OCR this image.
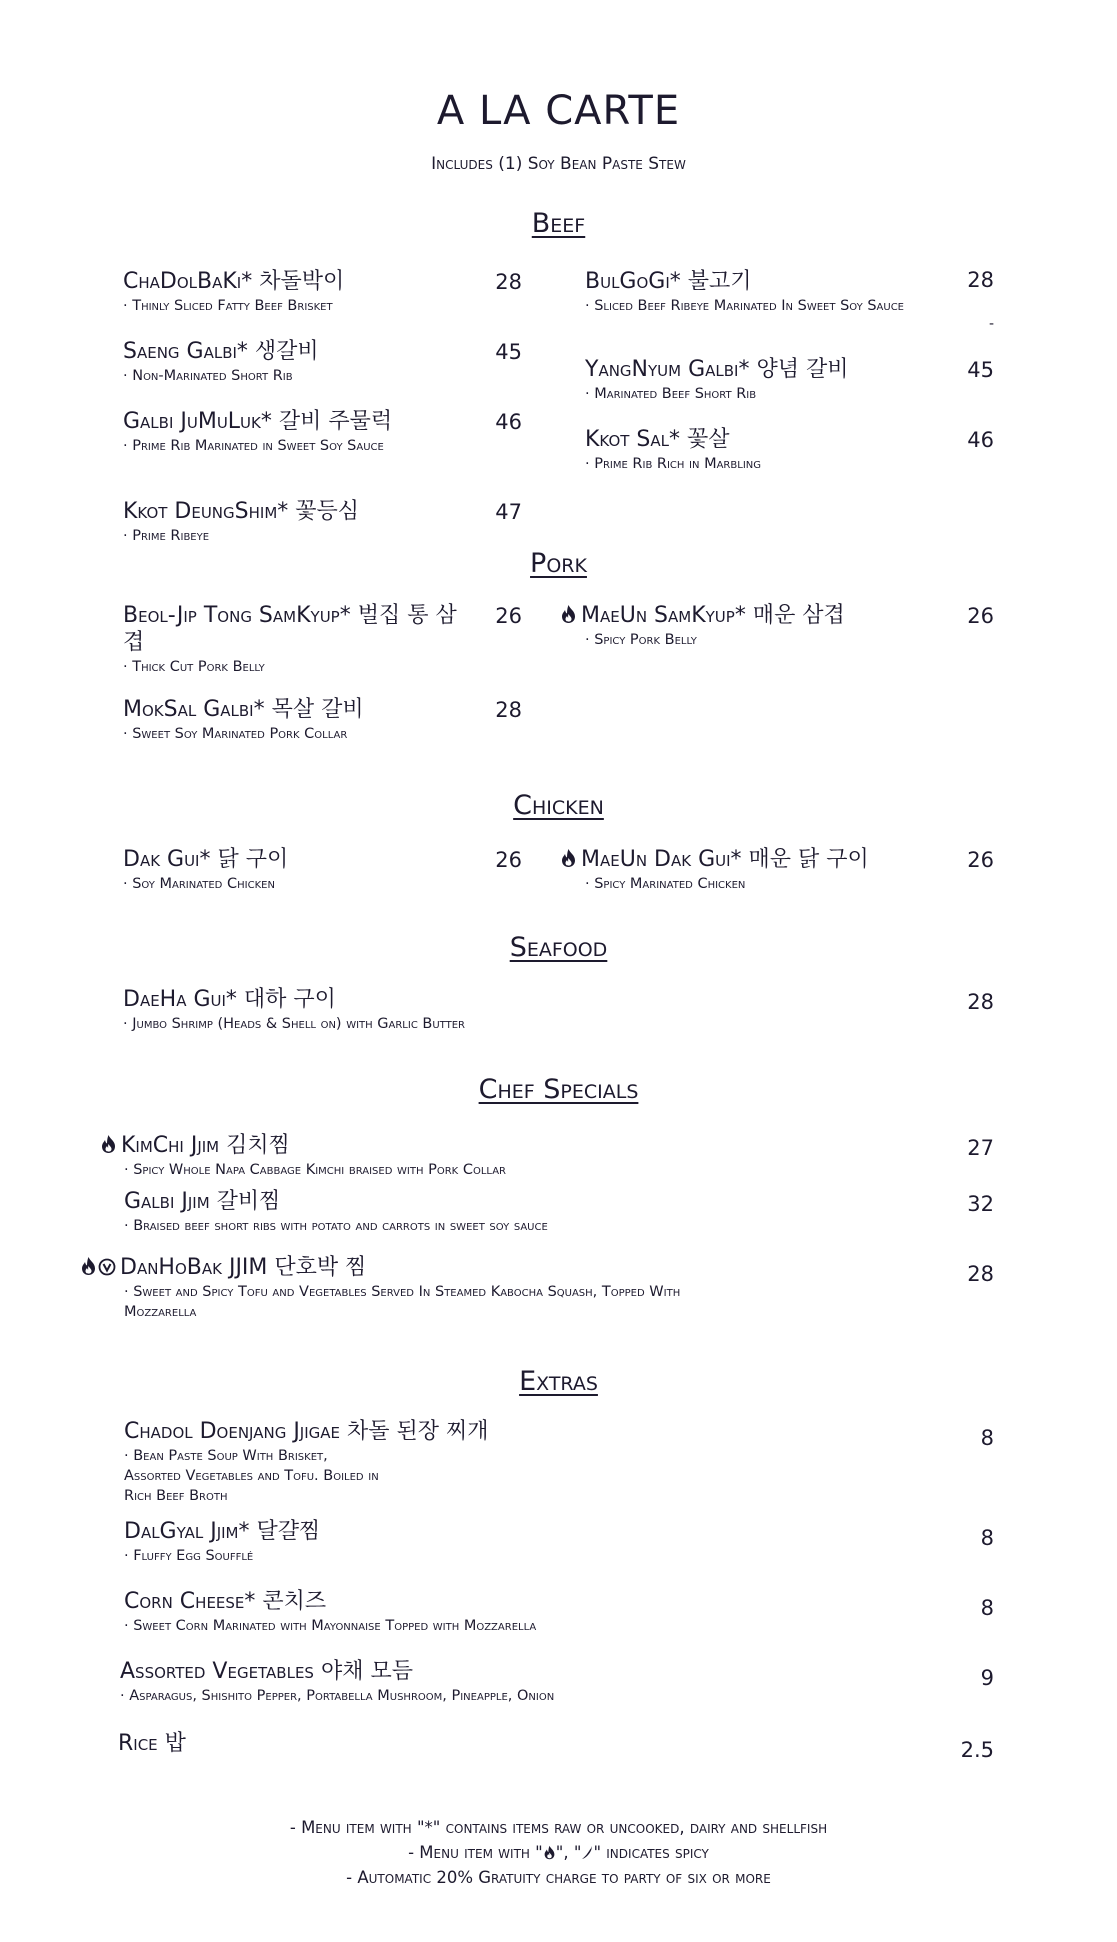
A LA CARTE
Includes (1) Soy Bean Paste Stew
Beef
ChaDolBaKi* 차돌박이
· Thinly Sliced Fatty Beef Brisket
28	BulGoGi* 불고기
· Sliced Beef Ribeye Marinated In Sweet Soy Sauce
28
-
Saeng Galbi* 생갈비
· Non-Marinated Short Rib
45
YangNyum Galbi* 양념 갈비
· Marinated Beef Short Rib
45
Galbi JuMuLuk* 갈비 주물럭
· Prime Rib Marinated in Sweet Soy Sauce
46
Kkot Sal* 꽃살
· Prime Rib Rich in Marbling
46
Kkot DeungShim* 꽃등심
· Prime Ribeye
47
Pork
Beol-Jip Tong SamKyup* 벌집 통 삼겹
· Thick Cut Pork Belly
26	MaeUn SamKyup* 매운 삼겹
· Spicy Pork Belly
26
MokSal Galbi* 목살 갈비
· Sweet Soy Marinated Pork Collar
28
Chicken
Dak Gui* 닭 구이
· Soy Marinated Chicken
26	MaeUn Dak Gui* 매운 닭 구이
· Spicy Marinated Chicken
26
Seafood
DaeHa Gui* 대하 구이
· Jumbo Shrimp (Heads & Shell on) with Garlic Butter
28
Chef Specials
KimChi Jjim 김치찜
· Spicy Whole Napa Cabbage Kimchi braised with Pork Collar
27
Galbi Jjim 갈비찜
· Braised beef short ribs with potato and carrots in sweet soy sauce
32
DanHoBak JJIM 단호박 찜
· Sweet and Spicy Tofu and Vegetables Served In Steamed Kabocha Squash, Topped With Mozzarella
28
Extras
Chadol Doenjang Jjigae 차돌 된장 찌개
· Bean Paste Soup With Brisket, Assorted Vegetables and Tofu. Boiled in Rich Beef Broth
8
DalGyal Jjim* 달걀찜
· Fluffy Egg Soufflé
8
Corn Cheese* 콘치즈
· Sweet Corn Marinated with Mayonnaise Topped with Mozzarella
8
Assorted Vegetables 야채 모듬
· Asparagus, Shishito Pepper, Portabella Mushroom, Pineapple, Onion
9
Rice 밥	2.5
- Menu item with "*" contains items raw or uncooked, dairy and shellfish
- Menu item with " ", " " indicates spicy
- Automatic 20% Gratuity charge to party of six or more
